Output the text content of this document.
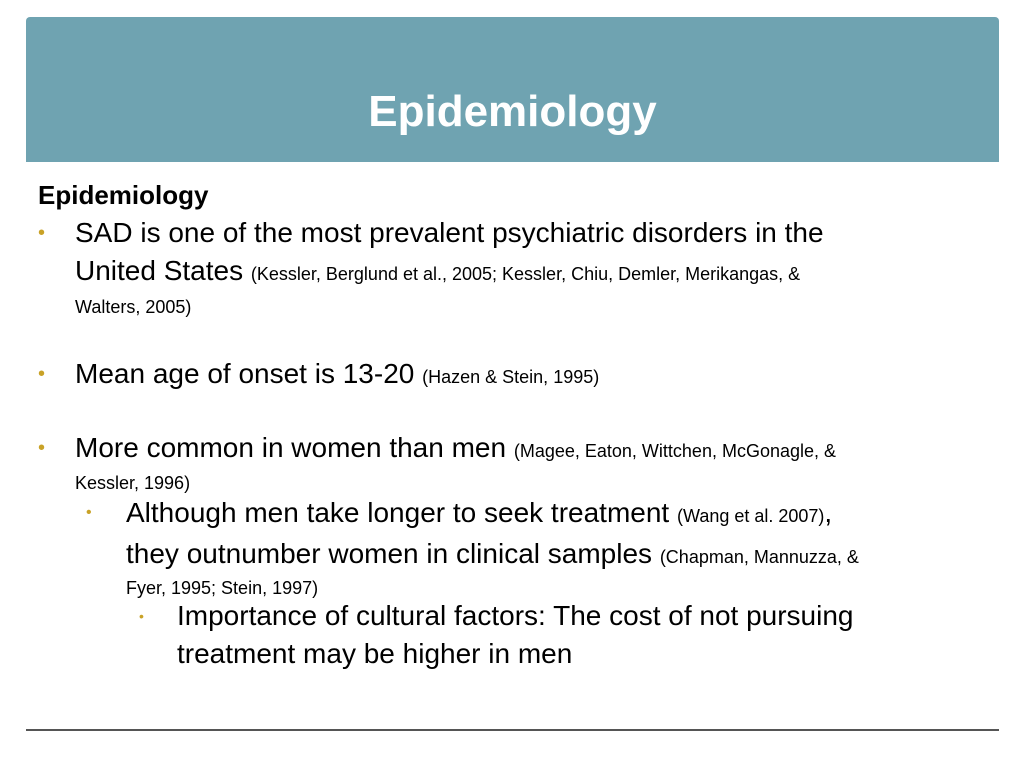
Epidemiology
Epidemiology
• SAD is one of the most prevalent psychiatric disorders in the
United States (Kessler, Berglund et al., 2005; Kessler, Chiu, Demler, Merikangas, &
Walters, 2005)
• Mean age of onset is 13-20 (Hazen & Stein, 1995)
• More common in women than men (Magee, Eaton, Wittchen, McGonagle, &
Kessler, 1996)
• Although men take longer to seek treatment (Wang et al. 2007),
they outnumber women in clinical samples (Chapman, Mannuzza, &
Fyer, 1995; Stein, 1997)
• Importance of cultural factors: The cost of not pursuing
treatment may be higher in men
